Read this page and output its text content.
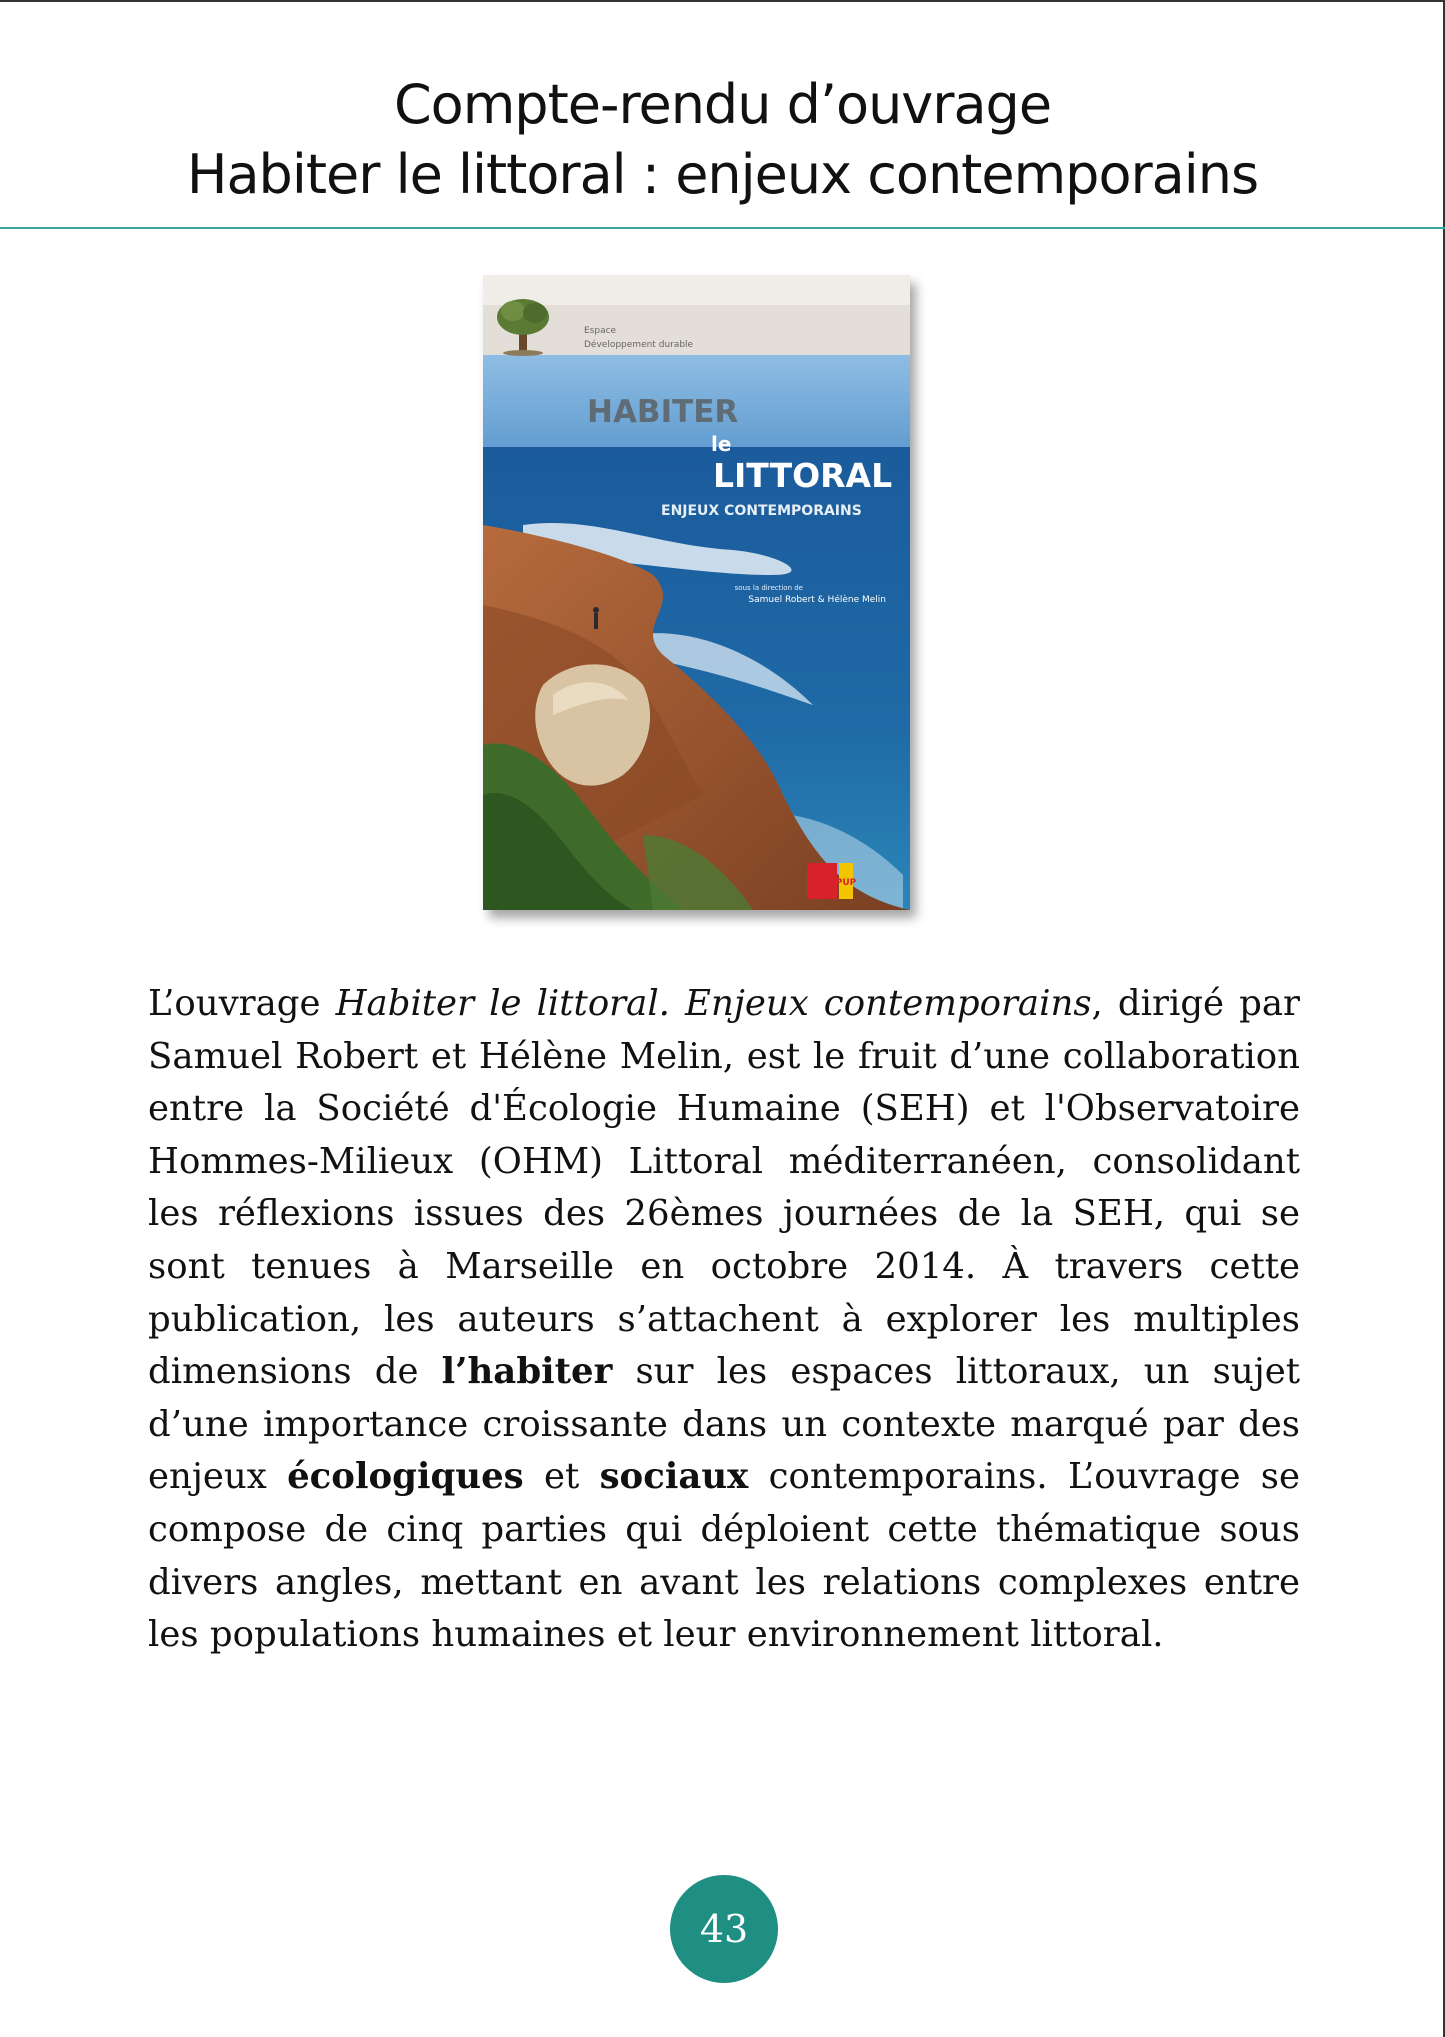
Compte-rendu d’ouvrage
Habiter le littoral : enjeux contemporains
Espace
Développement durable
HABITER
le
LITTORAL
ENJEUX CONTEMPORAINS
sous la direction de
Samuel Robert & Hélène Melin
PUP
L’ouvrage Habiter le littoral. Enjeux contemporains, dirigé par Samuel Robert et Hélène Melin, est le fruit d’une collaboration entre la Société d'Écologie Humaine (SEH) et l'Observatoire Hommes-Milieux (OHM) Littoral méditerranéen, consolidant les réflexions issues des 26èmes journées de la SEH, qui se sont tenues à Marseille en octobre 2014. À travers cette publication, les auteurs s’attachent à explorer les multiples dimensions de l’habiter sur les espaces littoraux, un sujet d’une importance croissante dans un contexte marqué par des enjeux écologiques et sociaux contemporains. L’ouvrage se compose de cinq parties qui déploient cette thématique sous divers angles, mettant en avant les relations complexes entre les populations humaines et leur environnement littoral.
43
